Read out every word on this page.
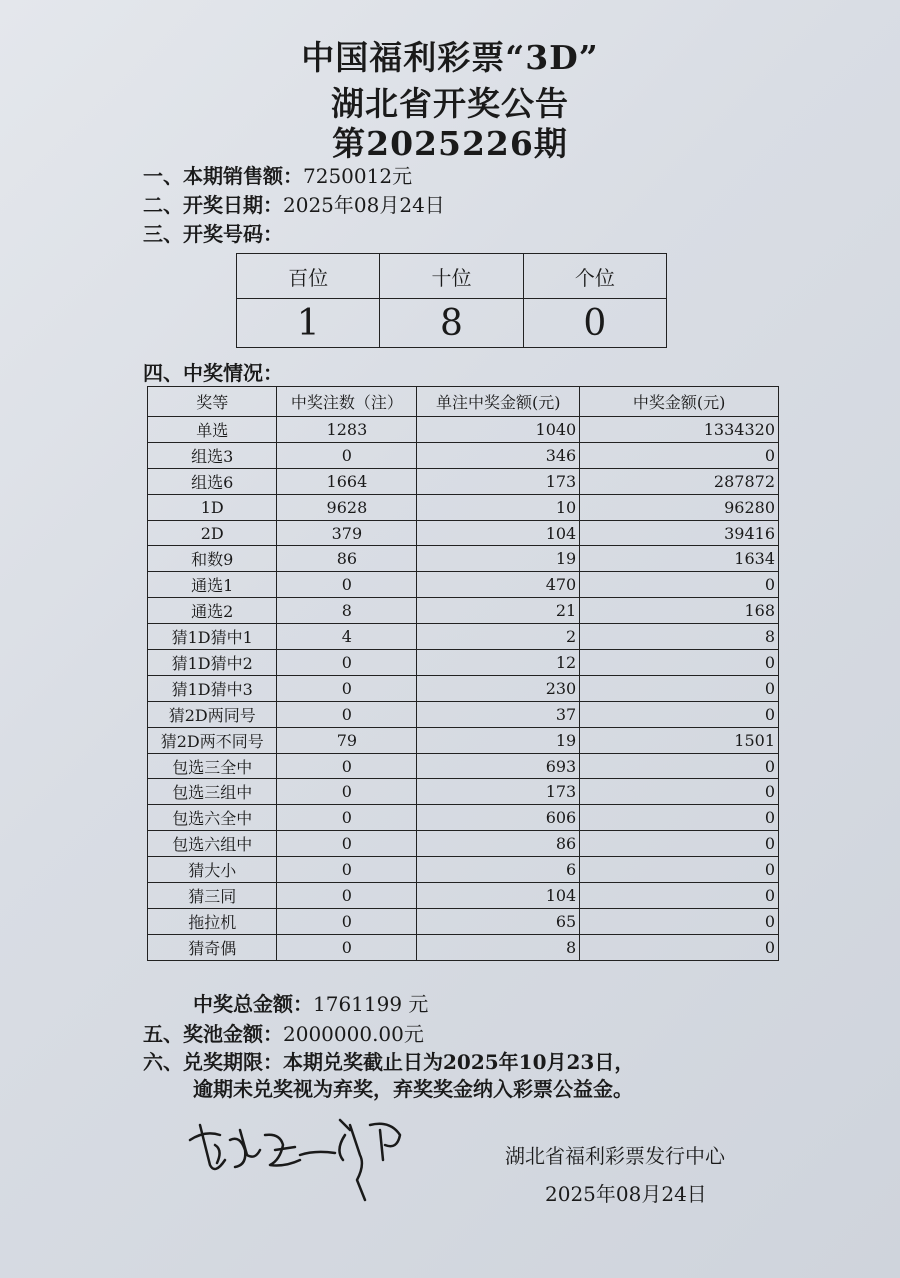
中国福利彩票“3D”
湖北省开奖公告
第2025226期
一、本期销售额：7250012元
二、开奖日期：2025年08月24日
三、开奖号码：
百位	十位	个位
1	8	0
四、中奖情况：
奖等	中奖注数（注）	单注中奖金额(元)	中奖金额(元)
单选	1283	1040	1334320
组选3	0	346	0
组选6	1664	173	287872
1D	9628	10	96280
2D	379	104	39416
和数9	86	19	1634
通选1	0	470	0
通选2	8	21	168
猜1D猜中1	4	2	8
猜1D猜中2	0	12	0
猜1D猜中3	0	230	0
猜2D两同号	0	37	0
猜2D两不同号	79	19	1501
包选三全中	0	693	0
包选三组中	0	173	0
包选六全中	0	606	0
包选六组中	0	86	0
猜大小	0	6	0
猜三同	0	104	0
拖拉机	0	65	0
猜奇偶	0	8	0
中奖总金额：1761199 元
五、奖池金额：2000000.00元
六、兑奖期限：本期兑奖截止日为2025年10月23日，
逾期未兑奖视为弃奖，弃奖奖金纳入彩票公益金。
湖北省福利彩票发行中心
2025年08月24日
